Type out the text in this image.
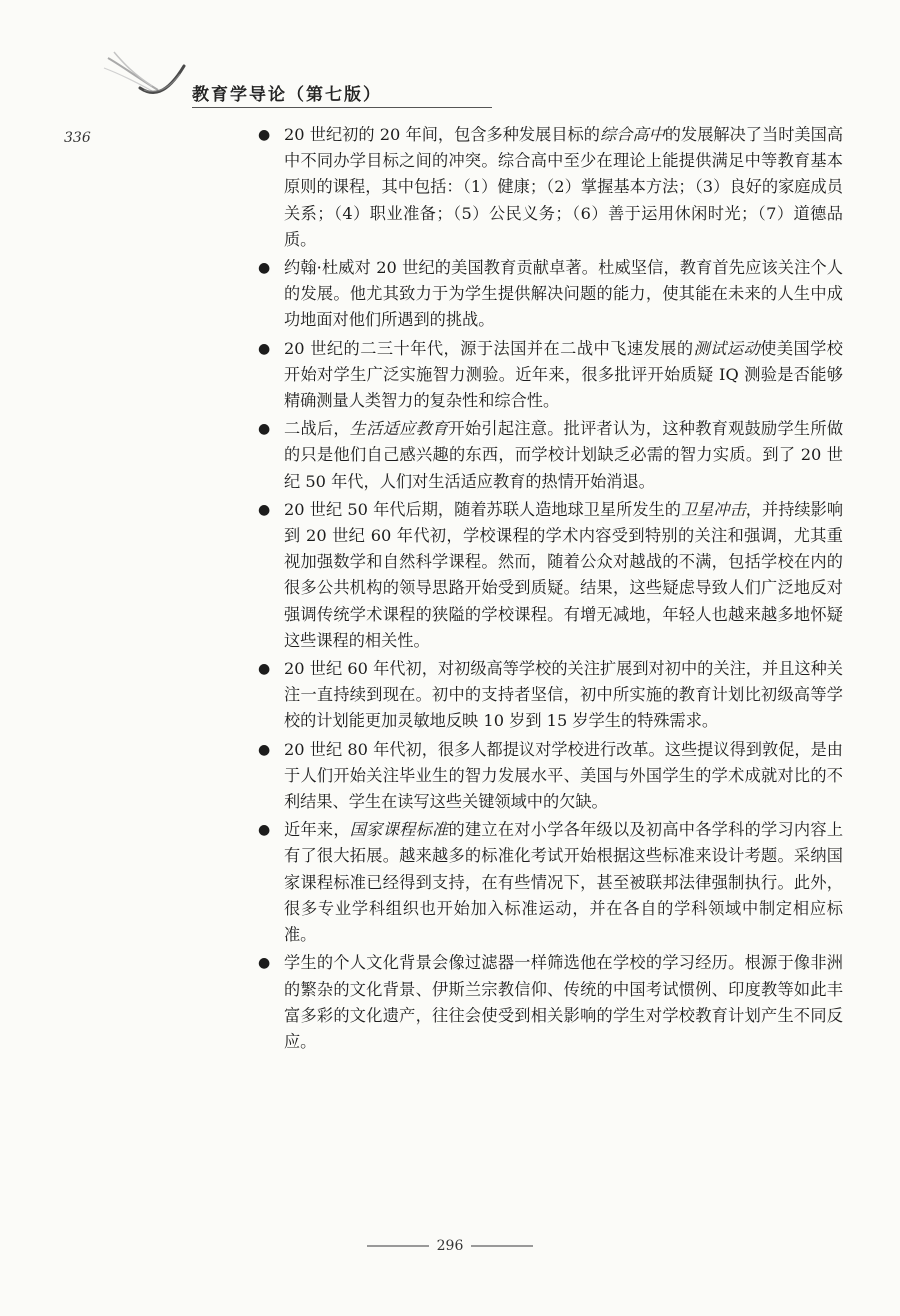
教育学导论（第七版）
336	● 20 世纪初的 20 年间，包含多种发展目标的综合高中的发展解决了当时美国高中不同办学目标之间的冲突。综合高中至少在理论上能提供满足中等教育基本原则的课程，其中包括：（1）健康；（2）掌握基本方法；（3）良好的家庭成员关系；（4）职业准备；（5）公民义务；（6）善于运用休闲时光；（7）道德品质。
● 约翰·杜威对 20 世纪的美国教育贡献卓著。杜威坚信，教育首先应该关注个人的发展。他尤其致力于为学生提供解决问题的能力，使其能在未来的人生中成功地面对他们所遇到的挑战。
● 20 世纪的二三十年代，源于法国并在二战中飞速发展的测试运动使美国学校开始对学生广泛实施智力测验。近年来，很多批评开始质疑 IQ 测验是否能够精确测量人类智力的复杂性和综合性。
● 二战后，生活适应教育开始引起注意。批评者认为，这种教育观鼓励学生所做的只是他们自己感兴趣的东西，而学校计划缺乏必需的智力实质。到了 20 世纪 50 年代，人们对生活适应教育的热情开始消退。
● 20 世纪 50 年代后期，随着苏联人造地球卫星所发生的卫星冲击，并持续影响到 20 世纪 60 年代初，学校课程的学术内容受到特别的关注和强调，尤其重视加强数学和自然科学课程。然而，随着公众对越战的不满，包括学校在内的很多公共机构的领导思路开始受到质疑。结果，这些疑虑导致人们广泛地反对强调传统学术课程的狭隘的学校课程。有增无减地，年轻人也越来越多地怀疑这些课程的相关性。
● 20 世纪 60 年代初，对初级高等学校的关注扩展到对初中的关注，并且这种关注一直持续到现在。初中的支持者坚信，初中所实施的教育计划比初级高等学校的计划能更加灵敏地反映 10 岁到 15 岁学生的特殊需求。
● 20 世纪 80 年代初，很多人都提议对学校进行改革。这些提议得到敦促，是由于人们开始关注毕业生的智力发展水平、美国与外国学生的学术成就对比的不利结果、学生在读写这些关键领域中的欠缺。
● 近年来，国家课程标准的建立在对小学各年级以及初高中各学科的学习内容上有了很大拓展。越来越多的标准化考试开始根据这些标准来设计考题。采纳国家课程标准已经得到支持，在有些情况下，甚至被联邦法律强制执行。此外，很多专业学科组织也开始加入标准运动，并在各自的学科领域中制定相应标准。
● 学生的个人文化背景会像过滤器一样筛选他在学校的学习经历。根源于像非洲的繁杂的文化背景、伊斯兰宗教信仰、传统的中国考试惯例、印度教等如此丰富多彩的文化遗产，往往会使受到相关影响的学生对学校教育计划产生不同反应。
296
